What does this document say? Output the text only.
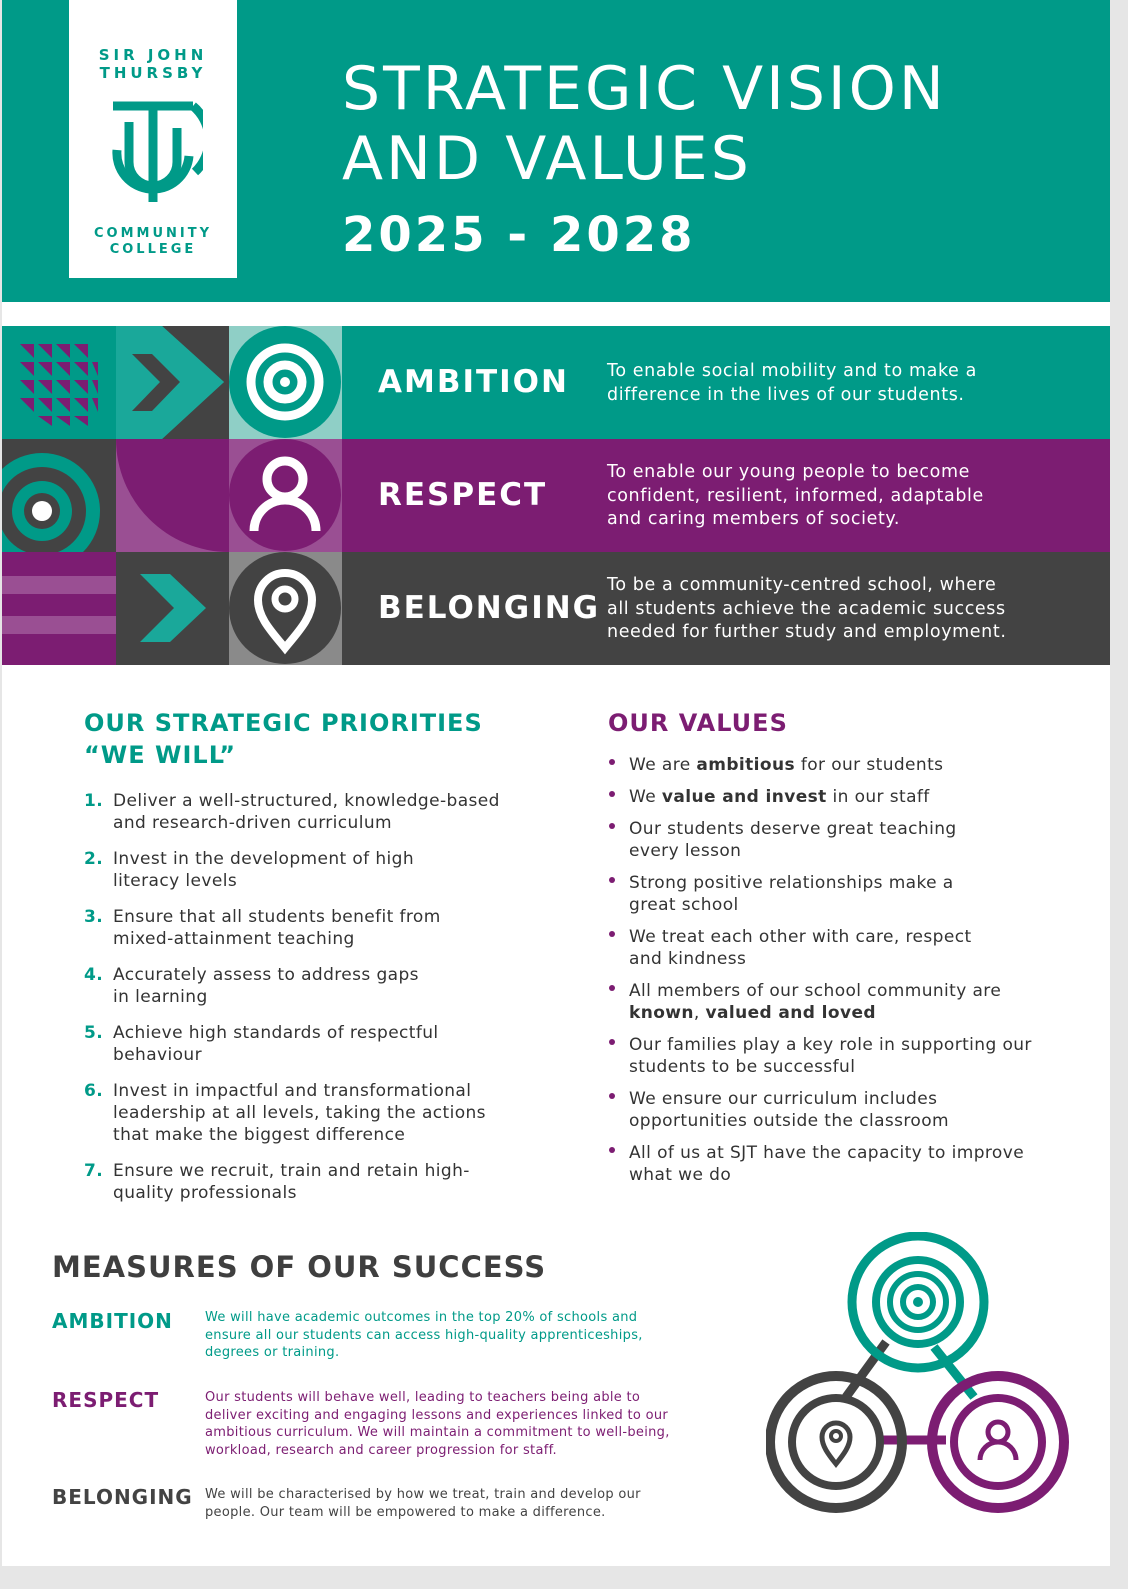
SIR JOHN
THURSBY
COMMUNITY
COLLEGE
STRATEGIC VISION
AND VALUES
2025 - 2028
AMBITION To enable social mobility and to make a
difference in the lives of our students.
RESPECT
To enable our young people to become
confident, resilient, informed, adaptable
and caring members of society.
BELONGING
To be a community-centred school, where
all students achieve the academic success
needed for further study and employment.
OUR STRATEGIC PRIORITIES
“WE WILL”
1. Deliver a well-structured, knowledge-based
and research-driven curriculum
2. Invest in the development of high
literacy levels
3. Ensure that all students benefit from
mixed-attainment teaching
4. Accurately assess to address gaps
in learning
5. Achieve high standards of respectful
behaviour
6. Invest in impactful and transformational
leadership at all levels, taking the actions
that make the biggest difference
7. Ensure we recruit, train and retain high-
quality professionals
OUR VALUES
We are ambitious for our students
We value and invest in our staff
Our students deserve great teaching
every lesson
Strong positive relationships make a
great school
We treat each other with care, respect
and kindness
All members of our school community are
known, valued and loved
Our families play a key role in supporting our
students to be successful
We ensure our curriculum includes
opportunities outside the classroom
All of us at SJT have the capacity to improve
what we do
MEASURES OF OUR SUCCESS
AMBITION We will have academic outcomes in the top 20% of schools and
ensure all our students can access high-quality apprenticeships,
degrees or training.
RESPECT	Our students will behave well, leading to teachers being able to
deliver exciting and engaging lessons and experiences linked to our
ambitious curriculum. We will maintain a commitment to well-being,
workload, research and career progression for staff.
BELONGING We will be characterised by how we treat, train and develop our
people. Our team will be empowered to make a difference.
